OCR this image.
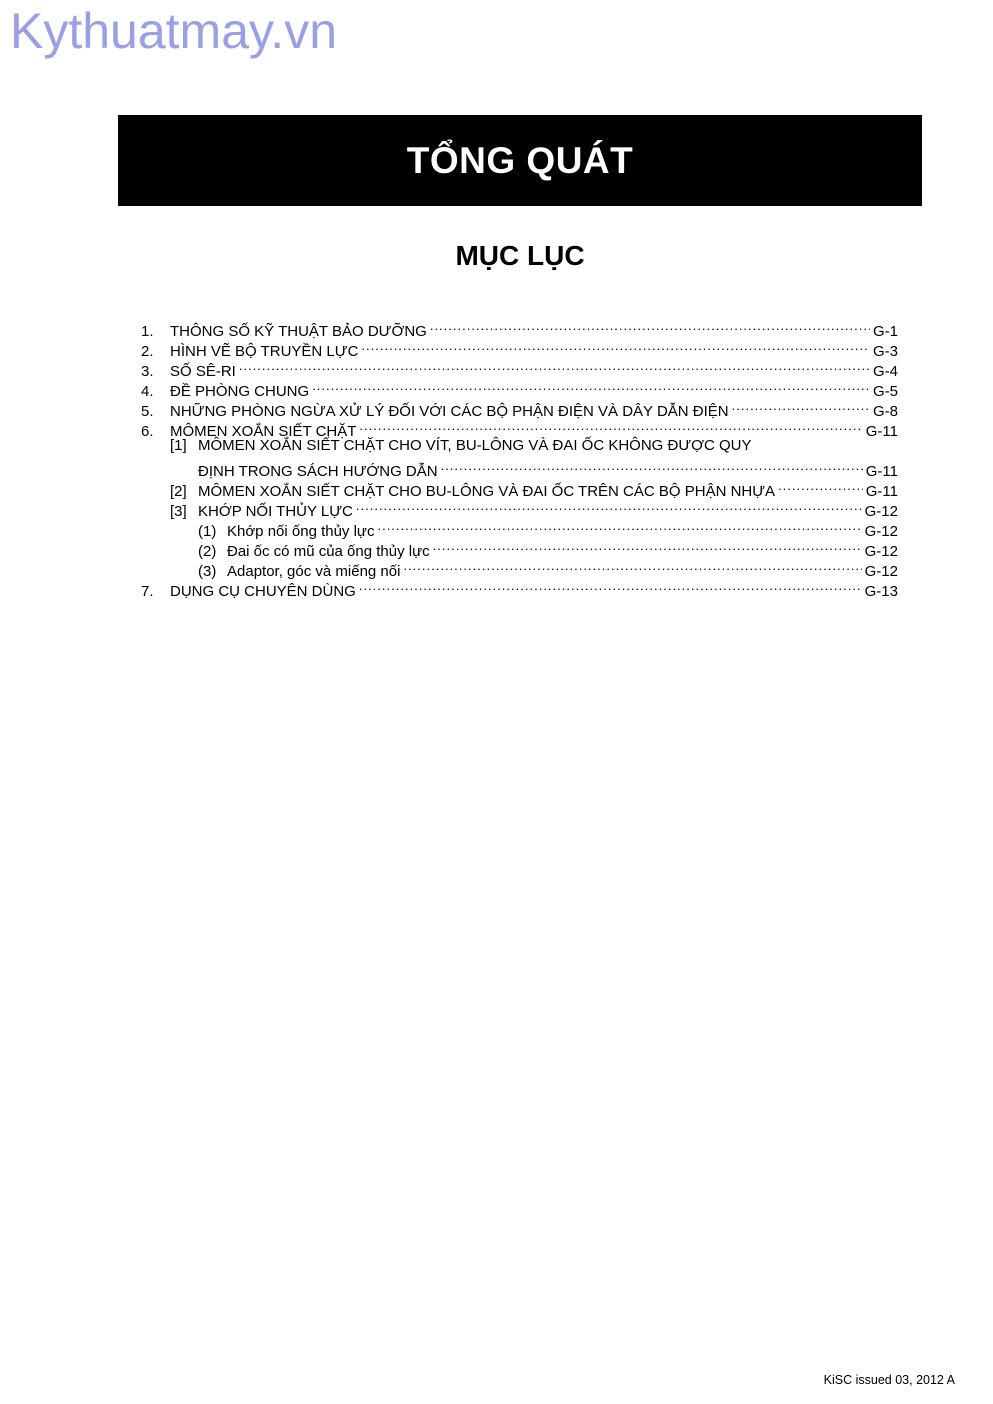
Kythuatmay.vn
TỔNG QUÁT
MỤC LỤC
1.	THÔNG SỐ KỸ THUẬT BẢO DƯỠNG .....	G-1
2.	HÌNH VẼ BỘ TRUYỀN LỰC .....	G-3
3.	SỐ SÊ-RI .....	G-4
4.	ĐỀ PHÒNG CHUNG .....	G-5
5.	NHỮNG PHÒNG NGỪA XỬ LÝ ĐỐI VỚI CÁC BỘ PHẬN ĐIỆN VÀ DÂY DẪN ĐIỆN .....	G-8
6.	MÔMEN XOẮN SIẾT CHẶT .....	G-11
[1] MÔMEN XOẮN SIẾT CHẶT CHO VÍT, BU-LÔNG VÀ ĐAI ỐC KHÔNG ĐƯỢC QUY
ĐỊNH TRONG SÁCH HƯỚNG DẪN .....	G-11
[2] MÔMEN XOẮN SIẾT CHẶT CHO BU-LÔNG VÀ ĐAI ỐC TRÊN CÁC BỘ PHẬN NHỰA .....	G-11
[3] KHỚP NỐI THỦY LỰC .....	G-12
(1) Khớp nối ống thủy lực .....	G-12
(2) Đai ốc có mũ của ống thủy lực .....	G-12
(3) Adaptor, góc và miếng nối .....	G-12
7.	DỤNG CỤ CHUYÊN DÙNG .....	G-13
KiSC issued 03, 2012 A
